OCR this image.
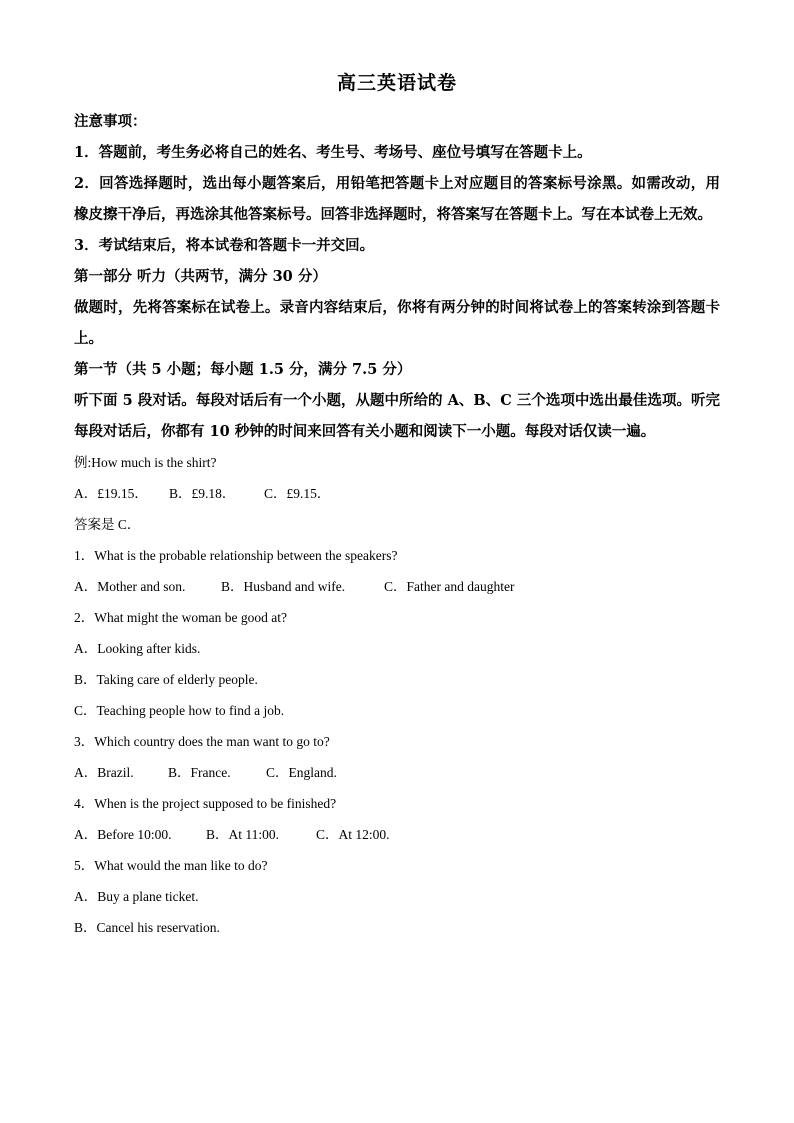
高三英语试卷

注意事项：

1．答题前，考生务必将自己的姓名、考生号、考场号、座位号填写在答题卡上。

2．回答选择题时，选出每小题答案后，用铅笔把答题卡上对应题目的答案标号涂黑。如需改动，用橡皮擦干净后，再选涂其他答案标号。回答非选择题时，将答案写在答题卡上。写在本试卷上无效。

3．考试结束后，将本试卷和答题卡一并交回。

第一部分 听力（共两节，满分 30 分）

做题时，先将答案标在试卷上。录音内容结束后，你将有两分钟的时间将试卷上的答案转涂到答题卡上。

第一节（共 5 小题；每小题 1.5 分，满分 7.5 分）

听下面 5 段对话。每段对话后有一个小题，从题中所给的 A、B、C 三个选项中选出最佳选项。听完每段对话后，你都有 10 秒钟的时间来回答有关小题和阅读下一小题。每段对话仅读一遍。

例:How much is the shirt?

A．£19.15．	B．£9.18．	C．£9.15．

答案是 C．

1．What is the probable relationship between the speakers?

A．Mother and son.	B．Husband and wife.	C．Father and daughter

2．What might the woman be good at?

A．Looking after kids.

B．Taking care of elderly people.

C．Teaching people how to find a job.

3．Which country does the man want to go to?

A．Brazil.	B．France.	C．England.

4．When is the project supposed to be finished?

A．Before 10:00.	B．At 11:00.	C．At 12:00.

5．What would the man like to do?

A．Buy a plane ticket.

B．Cancel his reservation.
